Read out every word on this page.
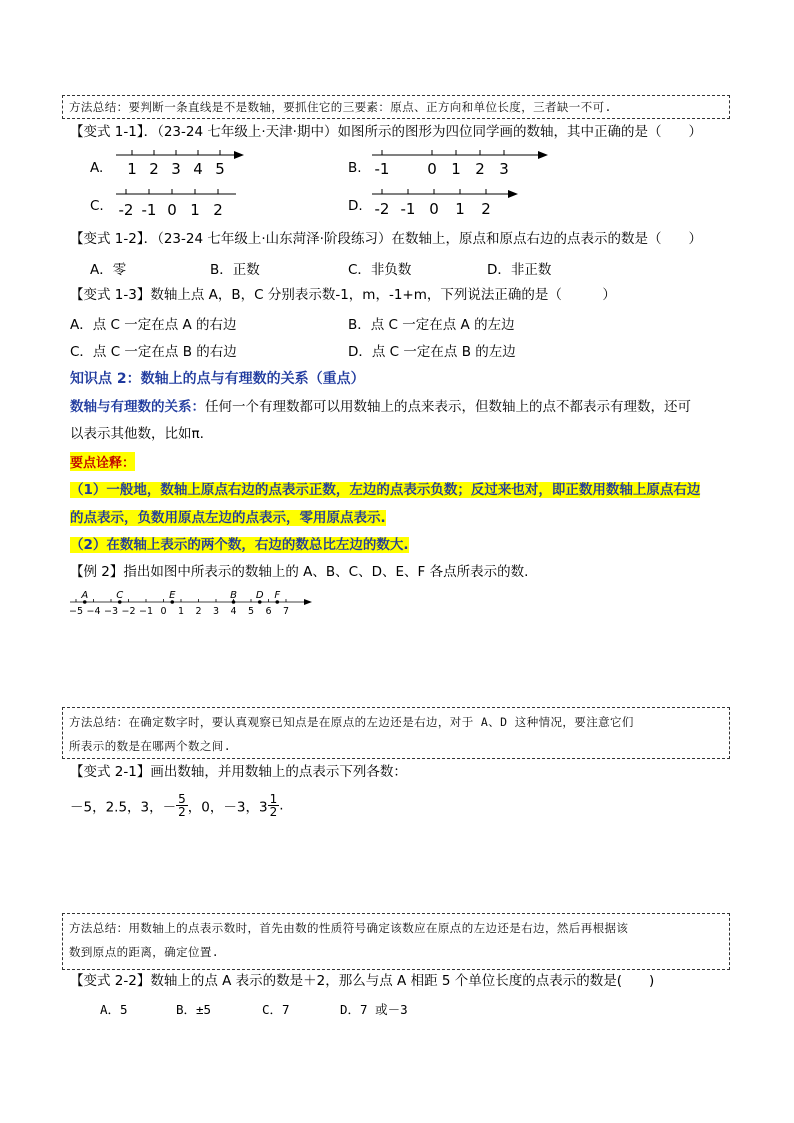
方法总结：要判断一条直线是不是数轴，要抓住它的三要素：原点、正方向和单位长度，三者缺一不可.
【变式 1-1】．（23-24 七年级上·天津·期中）如图所示的图形为四位同学画的数轴，其中正确的是（　　）
A. 1 2 3 4 5	B. -1	0 1 2 3
C. -2 -1 0 1 2	D. -2 -1 0 1 2
【变式 1-2】．（23-24 七年级上·山东菏泽·阶段练习）在数轴上，原点和原点右边的点表示的数是（　　）
A．零	B．正数	C．非负数	D．非正数
【变式 1-3】数轴上点 A，B，C 分别表示数-1，m，-1+m，下列说法正确的是（　　　）
A．点 C 一定在点 A 的右边	B．点 C 一定在点 A 的左边
C．点 C 一定在点 B 的右边	D．点 C 一定在点 B 的左边
知识点 2：数轴上的点与有理数的关系（重点）
数轴与有理数的关系：任何一个有理数都可以用数轴上的点来表示，但数轴上的点不都表示有理数，还可
以表示其他数，比如π.
要点诠释：
（1）一般地，数轴上原点右边的点表示正数，左边的点表示负数；反过来也对，即正数用数轴上原点右边
的点表示，负数用原点左边的点表示，零用原点表示.
（2）在数轴上表示的两个数，右边的数总比左边的数大.
【例 2】指出如图中所表示的数轴上的 A、B、C、D、E、F 各点所表示的数.
−5 −4 −3 −2 −1 0 1 2 3 4 5 6 7
A	C	E	B D F
方法总结：在确定数字时，要认真观察已知点是在原点的左边还是右边，对于 A、D 这种情况，要注意它们
所表示的数是在哪两个数之间.
【变式 2-1】画出数轴，并用数轴上的点表示下列各数：
－5，2.5，3，－ $\frac{5}{2}$ ，0，－3，$3 \frac{1}{2}$ .
方法总结：用数轴上的点表示数时，首先由数的性质符号确定该数应在原点的左边还是右边，然后再根据该
数到原点的距离，确定位置.
【变式 2-2】数轴上的点 A 表示的数是＋2，那么与点 A 相距 5 个单位长度的点表示的数是(　　)
A．5	B．±5	C．7	D．7 或－3
